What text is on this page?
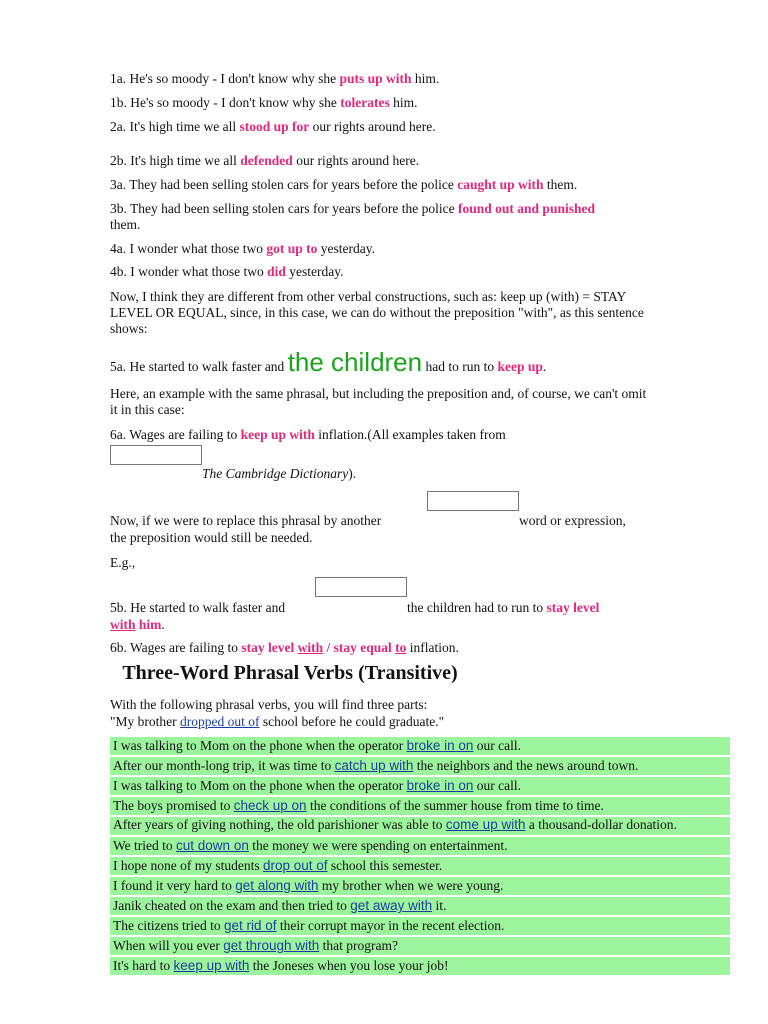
1a. He's so moody - I don't know why she puts up with him.
1b. He's so moody - I don't know why she tolerates him.
2a. It's high time we all stood up for our rights around here.
2b. It's high time we all defended our rights around here.
3a. They had been selling stolen cars for years before the police caught up with them.
3b. They had been selling stolen cars for years before the police found out and punished them.
4a. I wonder what those two got up to yesterday.
4b. I wonder what those two did yesterday.
Now, I think they are different from other verbal constructions, such as: keep up (with) = STAY LEVEL OR EQUAL, since, in this case, we can do without the preposition "with", as this sentence shows:
5a. He started to walk faster and the children had to run to keep up.
Here, an example with the same phrasal, but including the preposition and, of course, we can't omit it in this case:
6a. Wages are failing to keep up with inflation.(All examples taken from
The Cambridge Dictionary).
Now, if we were to replace this phrasal by another	word or expression,
the preposition would still be needed.
E.g.,
5b. He started to walk faster and	the children had to run to stay level
with him.
6b. Wages are failing to stay level with / stay equal to inflation.
Three-Word Phrasal Verbs (Transitive)
With the following phrasal verbs, you will find three parts:
"My brother dropped out of school before he could graduate."
I was talking to Mom on the phone when the operator broke in on our call.
After our month-long trip, it was time to catch up with the neighbors and the news around town.
I was talking to Mom on the phone when the operator broke in on our call.
The boys promised to check up on the conditions of the summer house from time to time.
After years of giving nothing, the old parishioner was able to come up with a thousand-dollar donation.
We tried to cut down on the money we were spending on entertainment.
I hope none of my students drop out of school this semester.
I found it very hard to get along with my brother when we were young.
Janik cheated on the exam and then tried to get away with it.
The citizens tried to get rid of their corrupt mayor in the recent election.
When will you ever get through with that program?
It's hard to keep up with the Joneses when you lose your job!
